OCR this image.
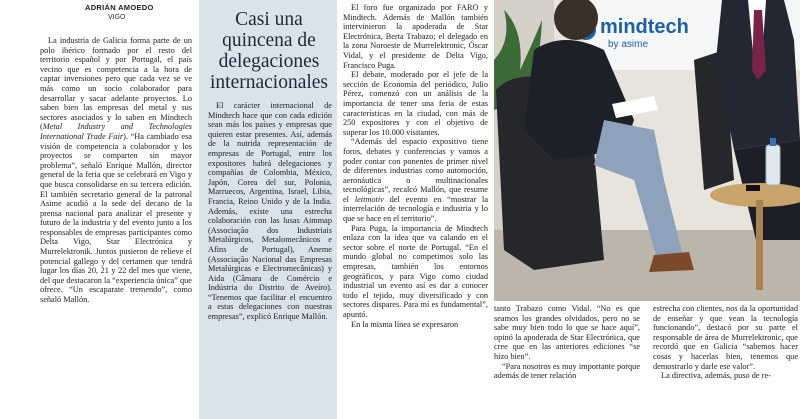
ADRIÁN AMOEDO
VIGO

La industria de Galicia forma parte de un polo ibérico formado por el resto del territorio español y por Portugal, el país vecino que es competencia a la hora de captar inversiones pero que cada vez se ve más como un socio colaborador para desarrollar y sacar adelante proyectos. Lo saben bien las empresas del metal y sus sectores asociados y lo saben en Mindtech (Metal Industry and Technologies International Trade Fair). “Ha cambiado esa visión de competencia a colaborador y los proyectos se comparten sin mayor problema”, señaló Enrique Mallón, director general de la feria que se celebrará en Vigo y que busca consolidarse en su tercera edición. El también secretario general de la patronal Asime acudió a la sede del decano de la prensa nacional para analizar el presente y futuro de la industria y del evento junto a los responsables de empresas participantes como Delta Vigo, Star Electrónica y Murrelektronik. Juntos pusieron de relieve el potencial gallego y del certamen que tendrá lugar los días 20, 21 y 22 del mes que viene, del que destacaron la “experiencia única” que ofrece. “Un escaparate tremendo”, como señaló Mallón.

Casi una quincena de delegaciones internacionales

El carácter internacional de Mindtech hace que con cada edición sean más los países y empresas que quieren estar presentes. Así, además de la nutrida representación de empresas de Portugal, entre los expositores habrá delegaciones y compañías de Colombia, México, Japón, Corea del sur, Polonia, Marruecos, Argentina, Israel, Libia, Francia, Reino Unido y de la India. Además, existe una estrecha colaboración con las lusas Aimmap (Associação dos Industriais Metalúrgicos, Metalomecânicos e Afins de Portugal), Aneme (Associação Nacional das Empresas Metalúrgicas e Electromecânicas) y Aida (Câmara de Comércio e Indústria do Distrito de Aveiro). “Tenemos que facilitar el encuentro a estas delegaciones con nuestras empresas”, explicó Enrique Mallón.

El foro fue organizado por FARO y Mindtech. Además de Mallón también intervinieron la apoderada de Star Electrónica, Berta Trabazo; el delegado en la zona Noroeste de Murrelektronic, Óscar Vidal, y el presidente de Delta Vigo, Francisco Puga.

El debate, moderado por el jefe de la sección de Economía del periódico, Julio Pérez, comenzó con un análisis de la importancia de tener una feria de estas características en la ciudad, con más de 250 expositores y con el objetivo de superar los 10.000 visitantes.

“Además del espacio expositivo tiene foros, debates y conferencias y vamos a poder contar con ponentes de primer nivel de diferentes industrias como automoción, aeronáutica o multinacionales tecnológicas”, recalcó Mallón, que resume el leitmotiv del evento en “mostrar la interrelación de tecnología e industria y lo que se hace en el territorio”.

Para Puga, la importancia de Mindtech enlaza con la idea que va calando en el sector sobre el norte de Portugal. “En el mundo global no competimos solo las empresas, también los entornos geográficos, y para Vigo como ciudad industrial un evento así es dar a conocer todo el tejido, muy diversificado y con sectores dispares. Para mí es fundamental”, apuntó.

En la misma línea se expresaron

mindtech
by asime

tanto Trabazo como Vidal. “No es que seamos los grandes olvidados, pero no se sabe muy bien todo lo que se hace aquí”, opinó la apoderada de Star Electrónica, que cree que en las anteriores ediciones “se hizo bien”.

“Para nosotros es muy importante porque además de tener relación

estrecha con clientes, nos da la oportunidad de enseñar y que vean la tecnología funcionando”, destacó por su parte el responsable de área de Murrelektronic, que recordó que en Galicia “sabemos hacer cosas y hacerlas bien, tenemos que demostrarlo y darle ese valor”.

La directiva, además, puso de re-
